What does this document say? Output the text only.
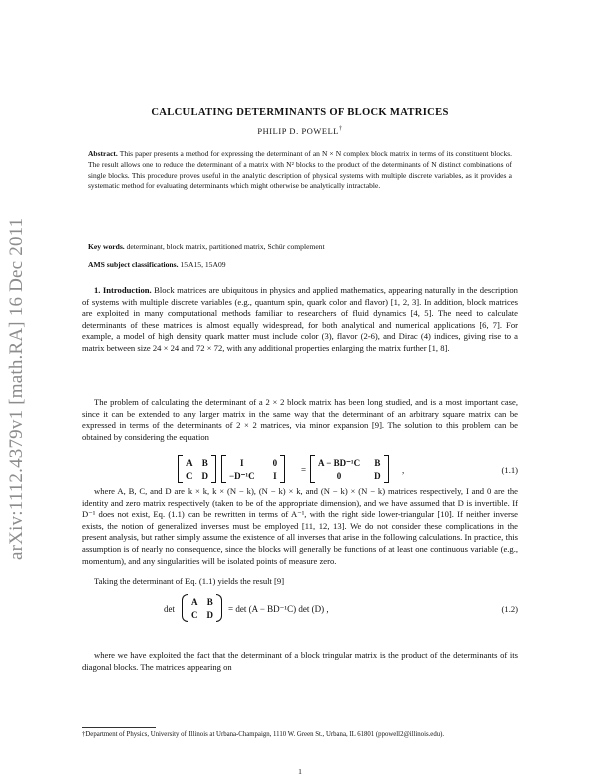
arXiv:1112.4379v1 [math.RA] 16 Dec 2011
CALCULATING DETERMINANTS OF BLOCK MATRICES
PHILIP D. POWELL†
Abstract. This paper presents a method for expressing the determinant of an N × N complex block matrix in terms of its constituent blocks. The result allows one to reduce the determinant of a matrix with N² blocks to the product of the determinants of N distinct combinations of single blocks. This procedure proves useful in the analytic description of physical systems with multiple discrete variables, as it provides a systematic method for evaluating determinants which might otherwise be analytically intractable.
Key words. determinant, block matrix, partitioned matrix, Schür complement
AMS subject classifications. 15A15, 15A09

1. Introduction. Block matrices are ubiquitous in physics and applied mathematics, appearing naturally in the description of systems with multiple discrete variables (e.g., quantum spin, quark color and flavor) [1, 2, 3]. In addition, block matrices are exploited in many computational methods familiar to researchers of fluid dynamics [4, 5]. The need to calculate determinants of these matrices is almost equally widespread, for both analytical and numerical applications [6, 7]. For example, a model of high density quark matter must include color (3), flavor (2-6), and Dirac (4) indices, giving rise to a matrix between size 24 × 24 and 72 × 72, with any additional properties enlarging the matrix further [1, 8].

The problem of calculating the determinant of a 2 × 2 block matrix has been long studied, and is a most important case, since it can be extended to any larger matrix in the same way that the determinant of an arbitrary square matrix can be expressed in terms of the determinants of 2 × 2 matrices, via minor expansion [9]. The solution to this problem can be obtained by considering the equation

A B
C D
I	0
−D⁻¹C I
=
A − BD⁻¹C B
0	D
,	(1.1)

where A, B, C, and D are k × k, k × (N − k), (N − k) × k, and (N − k) × (N − k) matrices respectively, I and 0 are the identity and zero matrix respectively (taken to be of the appropriate dimension), and we have assumed that D is invertible. If D⁻¹ does not exist, Eq. (1.1) can be rewritten in terms of A⁻¹, with the right side lower-triangular [10]. If neither inverse exists, the notion of generalized inverses must be employed [11, 12, 13]. We do not consider these complications in the present analysis, but rather simply assume the existence of all inverses that arise in the following calculations. In practice, this assumption is of nearly no consequence, since the blocks will generally be functions of at least one continuous variable (e.g., momentum), and any singularities will be isolated points of measure zero.

Taking the determinant of Eq. (1.1) yields the result [9]

det
A B
C D
= det (A − BD⁻¹C) det (D) ,	(1.2)

where we have exploited the fact that the determinant of a block tringular matrix is the product of the determinants of its diagonal blocks. The matrices appearing on

†Department of Physics, University of Illinois at Urbana-Champaign, 1110 W. Green St., Urbana, IL 61801 (ppowell2@illinois.edu).
1
